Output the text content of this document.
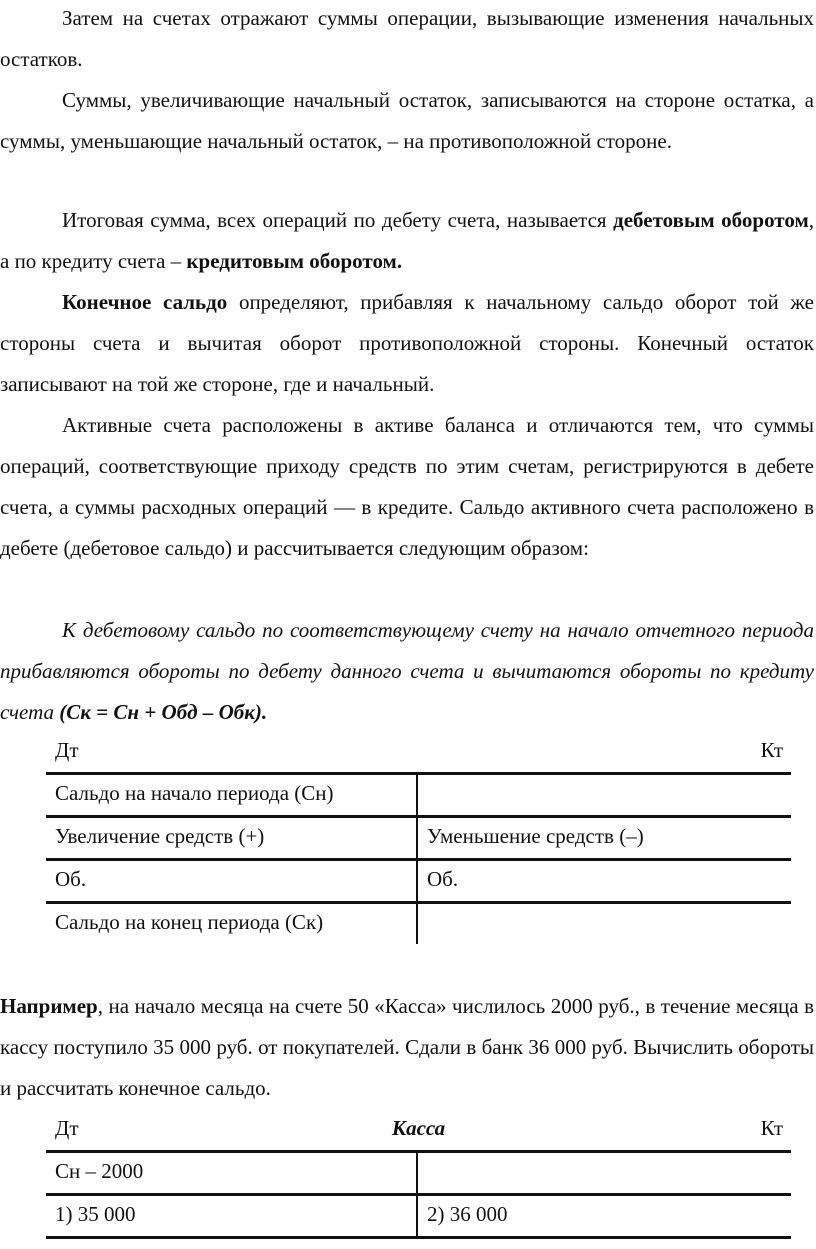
Затем на счетах отражают суммы операции, вызывающие изменения начальных остатков.

Суммы, увеличивающие начальный остаток, записываются на стороне остатка, а суммы, уменьшающие начальный остаток, – на противоположной стороне.

Итоговая сумма, всех операций по дебету счета, называется дебетовым оборотом, а по кредиту счета – кредитовым оборотом.

Конечное сальдо определяют, прибавляя к начальному сальдо оборот той же стороны счета и вычитая оборот противоположной стороны. Конечный остаток записывают на той же стороне, где и начальный.

Активные счета расположены в активе баланса и отличаются тем, что суммы операций, соответствующие приходу средств по этим счетам, регистрируются в дебете счета, а суммы расходных операций — в кредите. Сальдо активного счета расположено в дебете (дебетовое сальдо) и рассчитывается следующим образом:

К дебетовому сальдо по соответствующему счету на начало отчетного периода прибавляются обороты по дебету данного счета и вычитаются обороты по кредиту счета (Ск = Сн + Обд – Обк).

Дт	Кт
Сальдо на начало периода (Сн)
Увеличение средств (+)	Уменьшение средств (–)
Об.	Об.
Сальдо на конец периода (Ск)

Например, на начало месяца на счете 50 «Касса» числилось 2000 руб., в течение месяца в кассу поступило 35 000 руб. от покупателей. Сдали в банк 36 000 руб. Вычислить обороты и рассчитать конечное сальдо.

Дт	Касса	Кт
Сн – 2000
1) 35 000	2) 36 000
